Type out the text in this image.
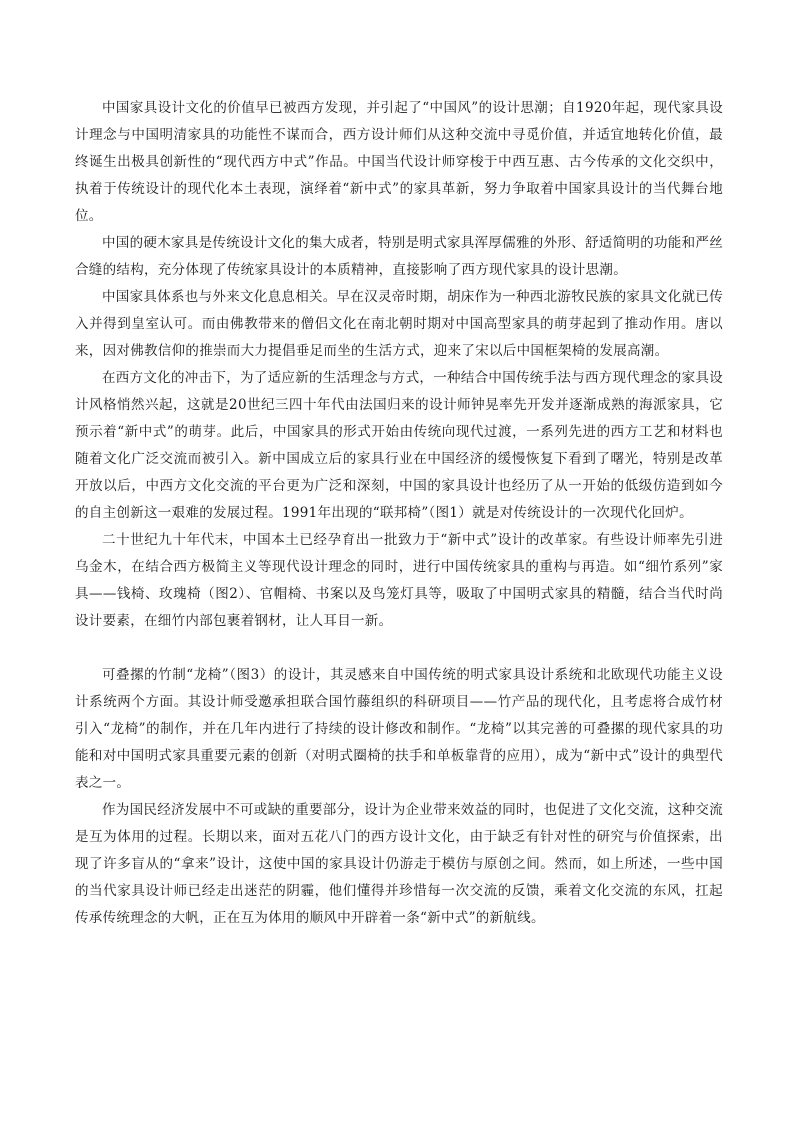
中国家具设计文化的价值早已被西方发现，并引起了“中国风”的设计思潮；自1920年起，现代家具设计理念与中国明清家具的功能性不谋而合，西方设计师们从这种交流中寻觅价值，并适宜地转化价值，最终诞生出极具创新性的“现代西方中式”作品。中国当代设计师穿梭于中西互惠、古今传承的文化交织中，执着于传统设计的现代化本土表现，演绎着“新中式”的家具革新，努力争取着中国家具设计的当代舞台地位。

中国的硬木家具是传统设计文化的集大成者，特别是明式家具浑厚儒雅的外形、舒适简明的功能和严丝合缝的结构，充分体现了传统家具设计的本质精神，直接影响了西方现代家具的设计思潮。

中国家具体系也与外来文化息息相关。早在汉灵帝时期，胡床作为一种西北游牧民族的家具文化就已传入并得到皇室认可。而由佛教带来的僧侣文化在南北朝时期对中国高型家具的萌芽起到了推动作用。唐以来，因对佛教信仰的推崇而大力提倡垂足而坐的生活方式，迎来了宋以后中国框架椅的发展高潮。

在西方文化的冲击下，为了适应新的生活理念与方式，一种结合中国传统手法与西方现代理念的家具设计风格悄然兴起，这就是20世纪三四十年代由法国归来的设计师钟晃率先开发并逐渐成熟的海派家具，它预示着“新中式”的萌芽。此后，中国家具的形式开始由传统向现代过渡，一系列先进的西方工艺和材料也随着文化广泛交流而被引入。新中国成立后的家具行业在中国经济的缓慢恢复下看到了曙光，特别是改革开放以后，中西方文化交流的平台更为广泛和深刻，中国的家具设计也经历了从一开始的低级仿造到如今的自主创新这一艰难的发展过程。1991年出现的“联邦椅”（图1）就是对传统设计的一次现代化回炉。

二十世纪九十年代末，中国本土已经孕育出一批致力于“新中式”设计的改革家。有些设计师率先引进乌金木，在结合西方极简主义等现代设计理念的同时，进行中国传统家具的重构与再造。如“细竹系列”家具——钱椅、玫瑰椅（图2）、官帽椅、书案以及鸟笼灯具等，吸取了中国明式家具的精髓，结合当代时尚设计要素，在细竹内部包裹着钢材，让人耳目一新。

可叠摞的竹制“龙椅”（图3）的设计，其灵感来自中国传统的明式家具设计系统和北欧现代功能主义设计系统两个方面。其设计师受邀承担联合国竹藤组织的科研项目——竹产品的现代化，且考虑将合成竹材引入“龙椅”的制作，并在几年内进行了持续的设计修改和制作。“龙椅”以其完善的可叠摞的现代家具的功能和对中国明式家具重要元素的创新（对明式圈椅的扶手和单板靠背的应用），成为“新中式”设计的典型代表之一。

作为国民经济发展中不可或缺的重要部分，设计为企业带来效益的同时，也促进了文化交流，这种交流是互为体用的过程。长期以来，面对五花八门的西方设计文化，由于缺乏有针对性的研究与价值探索，出现了许多盲从的“拿来”设计，这使中国的家具设计仍游走于模仿与原创之间。然而，如上所述，一些中国的当代家具设计师已经走出迷茫的阴霾，他们懂得并珍惜每一次交流的反馈，乘着文化交流的东风，扛起传承传统理念的大帆，正在互为体用的顺风中开辟着一条“新中式”的新航线。
